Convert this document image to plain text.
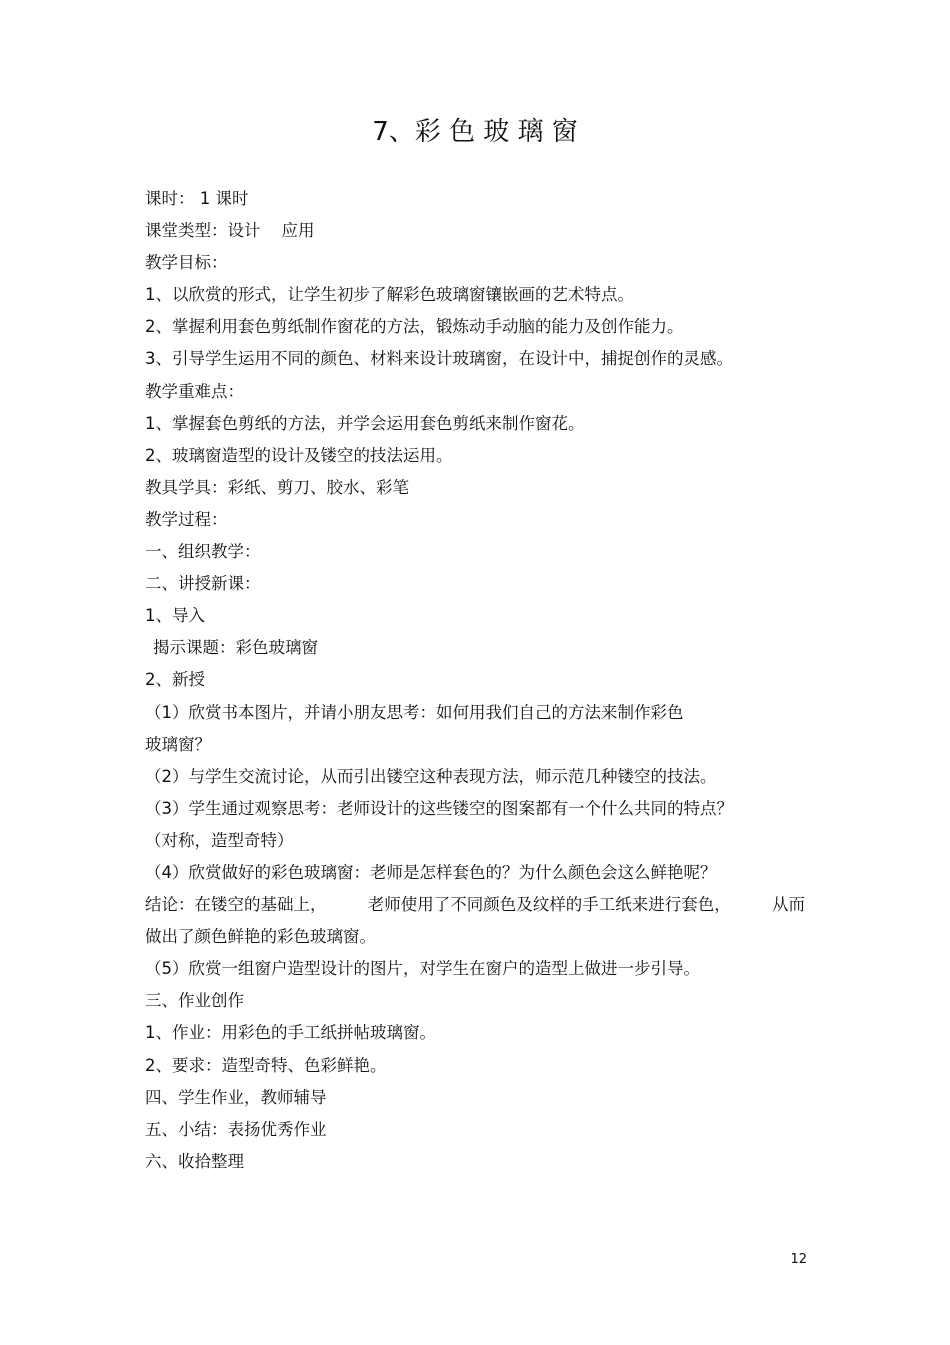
7、彩 色 玻 璃 窗
课时： 1 课时
课堂类型：设计    应用
教学目标：
1、以欣赏的形式，让学生初步了解彩色玻璃窗镶嵌画的艺术特点。
2、掌握利用套色剪纸制作窗花的方法，锻炼动手动脑的能力及创作能力。
3、引导学生运用不同的颜色、材料来设计玻璃窗，在设计中，捕捉创作的灵感。
教学重难点：
1、掌握套色剪纸的方法，并学会运用套色剪纸来制作窗花。
2、玻璃窗造型的设计及镂空的技法运用。
教具学具：彩纸、剪刀、胶水、彩笔
教学过程：
一、组织教学：
二、讲授新课：
1、导入
揭示课题：彩色玻璃窗
2、新授
（1）欣赏书本图片，并请小朋友思考：如何用我们自己的方法来制作彩色
玻璃窗？
（2）与学生交流讨论，从而引出镂空这种表现方法，师示范几种镂空的技法。
（3）学生通过观察思考：老师设计的这些镂空的图案都有一个什么共同的特点？
（对称，造型奇特）
（4）欣赏做好的彩色玻璃窗：老师是怎样套色的？为什么颜色会这么鲜艳呢？
结论：在镂空的基础上，	老师使用了不同颜色及纹样的手工纸来进行套色，	从而
做出了颜色鲜艳的彩色玻璃窗。
（5）欣赏一组窗户造型设计的图片，对学生在窗户的造型上做进一步引导。
三、作业创作
1、作业：用彩色的手工纸拼帖玻璃窗。
2、要求：造型奇特、色彩鲜艳。
四、学生作业，教师辅导
五、小结：表扬优秀作业
六、收拾整理
12
